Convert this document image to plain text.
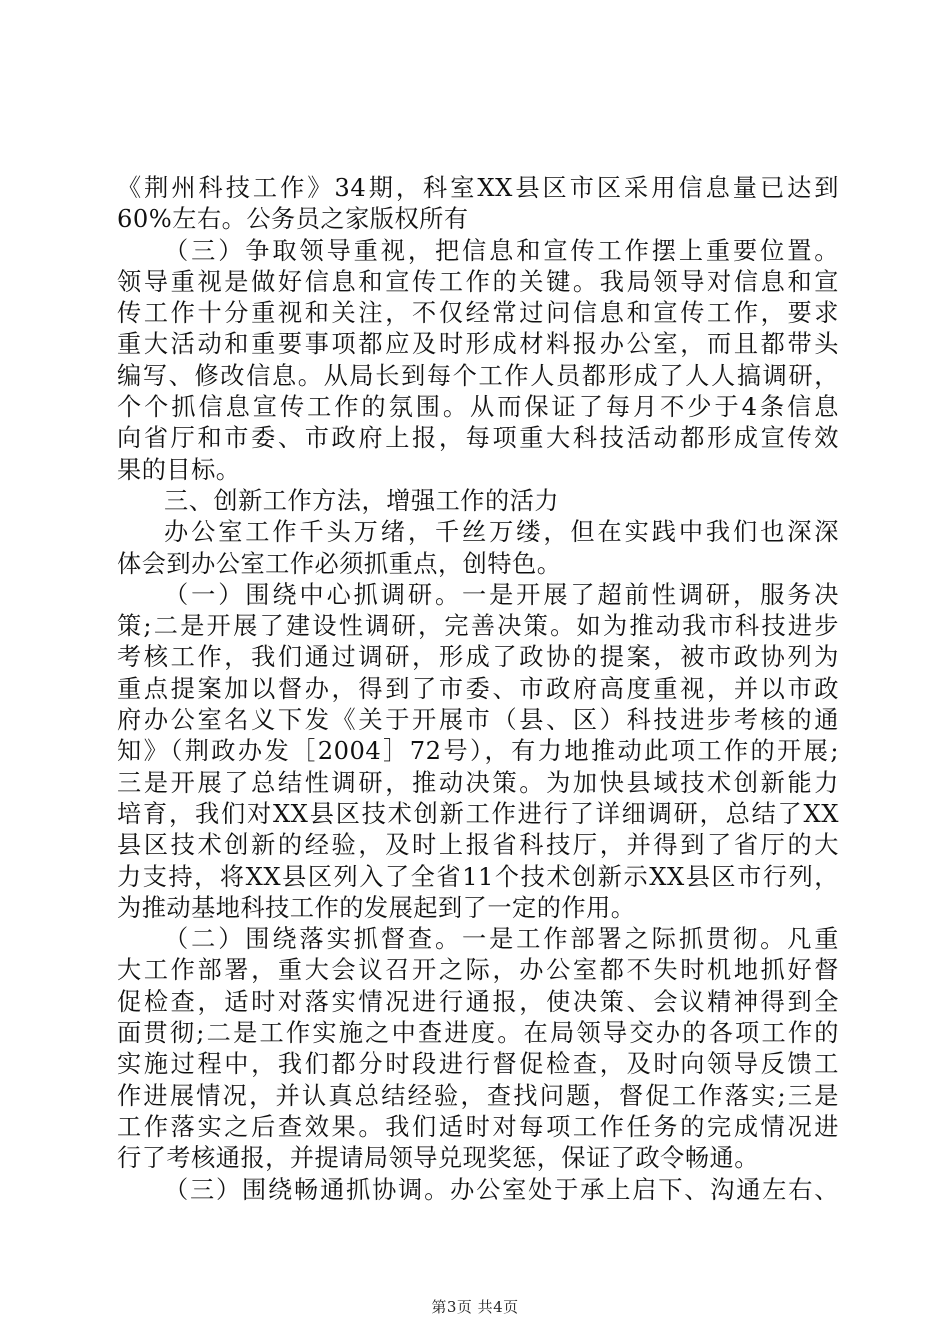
《荆州科技工作》34期，科室XX县区市区采用信息量已达到
60%左右。公务员之家版权所有
（三）争取领导重视，把信息和宣传工作摆上重要位置。
领导重视是做好信息和宣传工作的关键。我局领导对信息和宣
传工作十分重视和关注，不仅经常过问信息和宣传工作，要求
重大活动和重要事项都应及时形成材料报办公室，而且都带头
编写、修改信息。从局长到每个工作人员都形成了人人搞调研，
个个抓信息宣传工作的氛围。从而保证了每月不少于4条信息
向省厅和市委、市政府上报，每项重大科技活动都形成宣传效
果的目标。
三、创新工作方法，增强工作的活力
办公室工作千头万绪，千丝万缕，但在实践中我们也深深
体会到办公室工作必须抓重点，创特色。
（一）围绕中心抓调研。一是开展了超前性调研，服务决
策;二是开展了建设性调研，完善决策。如为推动我市科技进步
考核工作，我们通过调研，形成了政协的提案，被市政协列为
重点提案加以督办，得到了市委、市政府高度重视，并以市政
府办公室名义下发《关于开展市（县、区）科技进步考核的通
知》（荆政办发［2004］72号），有力地推动此项工作的开展;
三是开展了总结性调研，推动决策。为加快县域技术创新能力
培育，我们对XX县区技术创新工作进行了详细调研，总结了XX
县区技术创新的经验，及时上报省科技厅，并得到了省厅的大
力支持，将XX县区列入了全省11个技术创新示XX县区市行列，
为推动基地科技工作的发展起到了一定的作用。
（二）围绕落实抓督查。一是工作部署之际抓贯彻。凡重
大工作部署，重大会议召开之际，办公室都不失时机地抓好督
促检查，适时对落实情况进行通报，使决策、会议精神得到全
面贯彻;二是工作实施之中查进度。在局领导交办的各项工作的
实施过程中，我们都分时段进行督促检查，及时向领导反馈工
作进展情况，并认真总结经验，查找问题，督促工作落实;三是
工作落实之后查效果。我们适时对每项工作任务的完成情况进
行了考核通报，并提请局领导兑现奖惩，保证了政令畅通。
（三）围绕畅通抓协调。办公室处于承上启下、沟通左右、
第3页 共4页
